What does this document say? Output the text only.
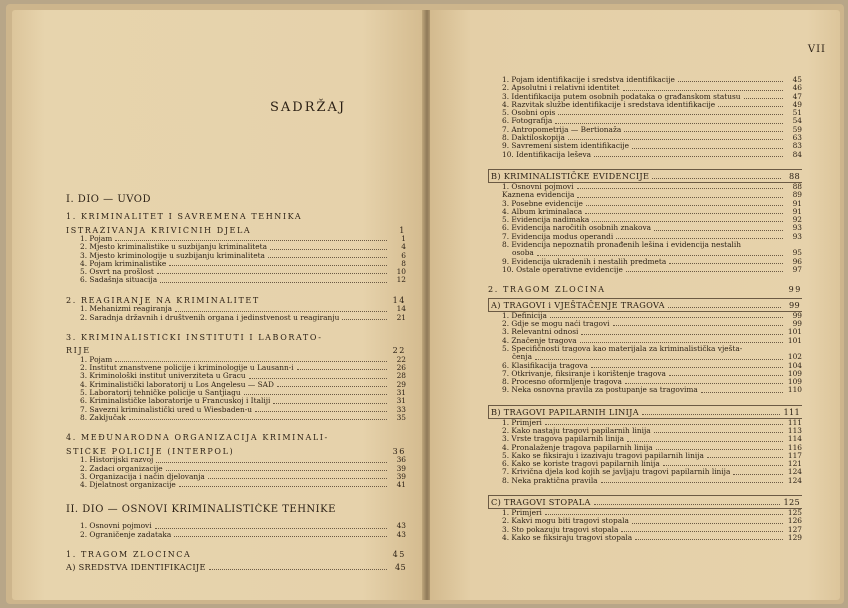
SADRŽAJ
I. DIO — UVOD
1. KRIMINALITET I SAVREMENA TEHNIKA
ISTRAŽIVANJA KRIVIČNIH DJELA	1
1. Pojam	1
2. Mjesto kriminalistike u suzbijanju kriminaliteta	4
3. Mjesto kriminologije u suzbijanju kriminaliteta	6
4. Pojam kriminalistike	8
5. Osvrt na prošlost	10
6. Sadašnja situacija	12
2. REAGIRANJE NA KRIMINALITET	14
1. Mehanizmi reagiranja	14
2. Saradnja državnih i društvenih organa i jedinstvenost u reagiranju	21
3. KRIMINALISTIČKI INSTITUTI I LABORATO-
RIJE	22
1. Pojam	22
2. Institut znanstvene policije i kriminologije u Lausann-i	26
3. Kriminološki institut univerziteta u Gracu	28
4. Kriminalistički laboratorij u Los Angelesu — SAD	29
5. Laboratorij tehničke policije u Santjiagu	31
6. Kriminalističke laboratorije u Francuskoj i Italiji	31
7. Savezni kriminalistički ured u Wiesbaden-u	33
8. Zaključak	35
4. MEĐUNARODNA ORGANIZACIJA KRIMINALI-
STIČKE POLICIJE (INTERPOL)	36
1. Historijski razvoj	36
2. Zadaci organizacije	39
3. Organizacija i način djelovanja	39
4. Djelatnost organizacije	41
II. DIO — OSNOVI KRIMINALISTIČKE TEHNIKE
1. Osnovni pojmovi	43
2. Ograničenje zadataka	43
1. TRAGOM ZLOČINCA	45
A) SREDSTVA IDENTIFIKACIJE	45
VII
1. Pojam identifikacije i sredstva identifikacije	45
2. Apsolutni i relativni identitet	46
3. Identifikacija putem osobnih podataka o građanskom statusu	47
4. Razvitak službe identifikacije i sredstava identifikacije	49
5. Osobni opis	51
6. Fotografija	54
7. Antropometrija — Bertionaža	59
8. Daktiloskopija	63
9. Savremeni sistem identifikacije	83
10. Identifikacija leševa	84
B) KRIMINALISTIČKE EVIDENCIJE	88
1. Osnovni pojmovi	88
Kaznena evidencija	89
3. Posebne evidencije	91
4. Album kriminalaca	91
5. Evidencija nadimaka	92
6. Evidencija naročitih osobnih znakova	93
7. Evidencija modus operandi	93
8. Evidencija nepoznatih pronađenih lešina i evidencija nestalih
osoba	95
9. Evidencija ukradenih i nestalih predmeta	96
10. Ostale operativne evidencije	97
2. TRAGOM ZLOČINA	99
A) TRAGOVI i VJEŠTAČENJE TRAGOVA	99
1. Definicija	99
2. Gdje se mogu naći tragovi	99
3. Relevantni odnosi	101
4. Značenje tragova	101
5. Specifičnosti tragova kao materijala za kriminalistička vješta-
čenja	102
6. Klasifikacija tragova	104
7. Otkrivanje, fiksiranje i korištenje tragova	109
8. Procesno oformljenje tragova	109
9. Neka osnovna pravila za postupanje sa tragovima	110
B) TRAGOVI PAPILARNIH LINIJA	111
1. Primjeri	111
2. Kako nastaju tragovi papilarnih linija	113
3. Vrste tragova papilarnih linija	114
4. Pronalaženje tragova papilarnih linija	116
5. Kako se fiksiraju i izazivaju tragovi papilarnih linija	117
6. Kako se koriste tragovi papilarnih linija	121
7. Krivična djela kod kojih se javljaju tragovi papilarnih linija	124
8. Neka praktična pravila	124
C) TRAGOVI STOPALA	125
1. Primjeri	125
2. Kakvi mogu biti tragovi stopala	126
3. Što pokazuju tragovi stopala	127
4. Kako se fiksiraju tragovi stopala	129
